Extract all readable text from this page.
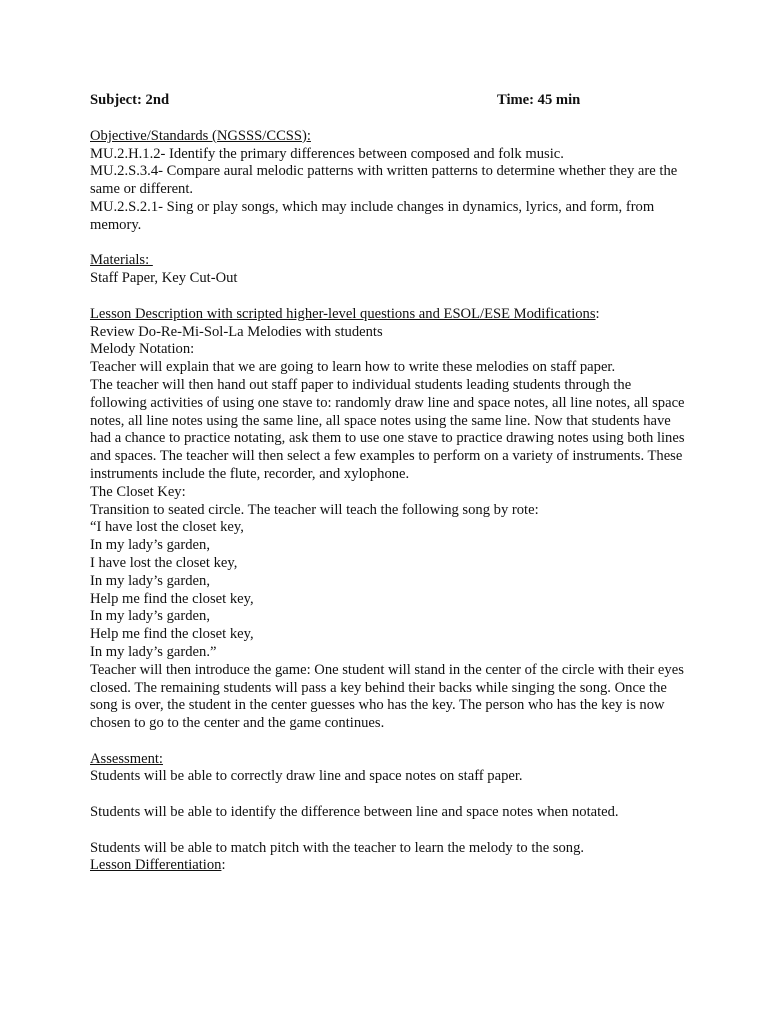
Subject: 2nd	Time: 45 min
Objective/Standards (NGSSS/CCSS):
MU.2.H.1.2- Identify the primary differences between composed and folk music.
MU.2.S.3.4- Compare aural melodic patterns with written patterns to determine whether they are the same or different.
MU.2.S.2.1- Sing or play songs, which may include changes in dynamics, lyrics, and form, from memory.
Materials:
Staff Paper, Key Cut-Out
Lesson Description with scripted higher-level questions and ESOL/ESE Modifications:
Review Do-Re-Mi-Sol-La Melodies with students
Melody Notation:
Teacher will explain that we are going to learn how to write these melodies on staff paper.
The teacher will then hand out staff paper to individual students leading students through the following activities of using one stave to: randomly draw line and space notes, all line notes, all space notes, all line notes using the same line, all space notes using the same line. Now that students have had a chance to practice notating, ask them to use one stave to practice drawing notes using both lines and spaces. The teacher will then select a few examples to perform on a variety of instruments. These instruments include the flute, recorder, and xylophone.
The Closet Key:
Transition to seated circle. The teacher will teach the following song by rote:
“I have lost the closet key,
In my lady’s garden,
I have lost the closet key,
In my lady’s garden,
Help me find the closet key,
In my lady’s garden,
Help me find the closet key,
In my lady’s garden.”
Teacher will then introduce the game: One student will stand in the center of the circle with their eyes closed. The remaining students will pass a key behind their backs while singing the song. Once the song is over, the student in the center guesses who has the key. The person who has the key is now chosen to go to the center and the game continues.
Assessment:
Students will be able to correctly draw line and space notes on staff paper.
Students will be able to identify the difference between line and space notes when notated.
Students will be able to match pitch with the teacher to learn the melody to the song.
Lesson Differentiation:
